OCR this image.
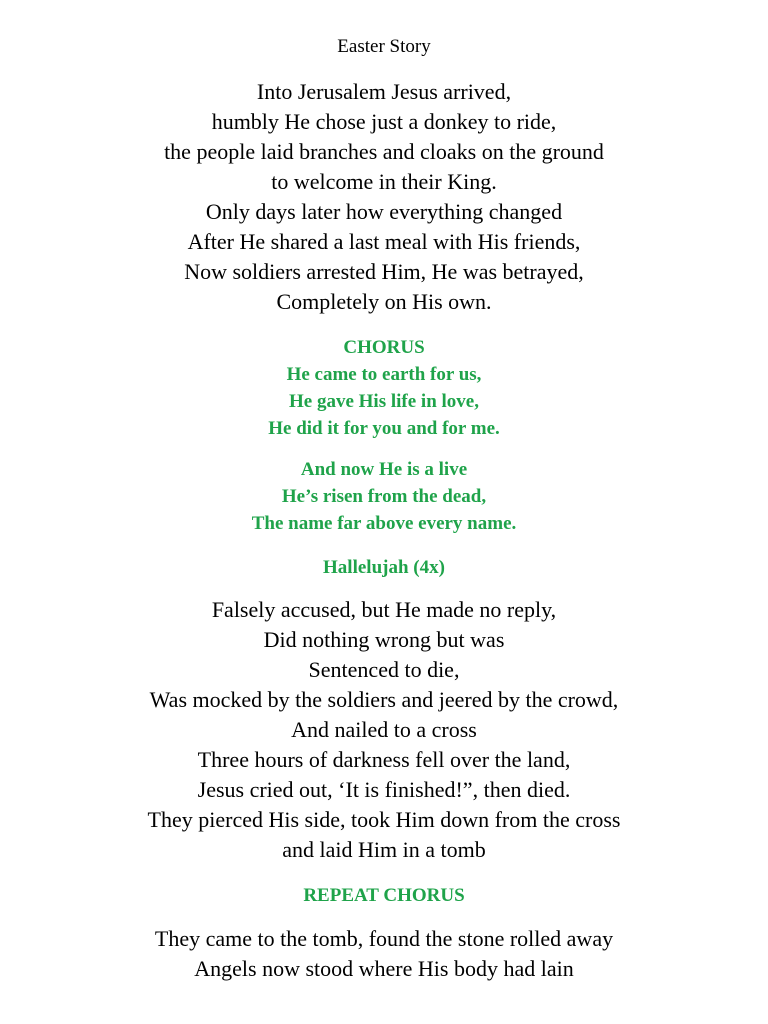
Easter Story
Into Jerusalem Jesus arrived,
humbly He chose just a donkey to ride,
the people laid branches and cloaks on the ground
to welcome in their King.
Only days later how everything changed
After He shared a last meal with His friends,
Now soldiers arrested Him, He was betrayed,
Completely on His own.
CHORUS
He came to earth for us,
He gave His life in love,
He did it for you and for me.
And now He is a live
He’s risen from the dead,
The name far above every name.
Hallelujah (4x)
Falsely accused, but He made no reply,
Did nothing wrong but was
Sentenced to die,
Was mocked by the soldiers and jeered by the crowd,
And nailed to a cross
Three hours of darkness fell over the land,
Jesus cried out, ‘It is finished!”, then died.
They pierced His side, took Him down from the cross
and laid Him in a tomb
REPEAT CHORUS
They came to the tomb, found the stone rolled away
Angels now stood where His body had lain
